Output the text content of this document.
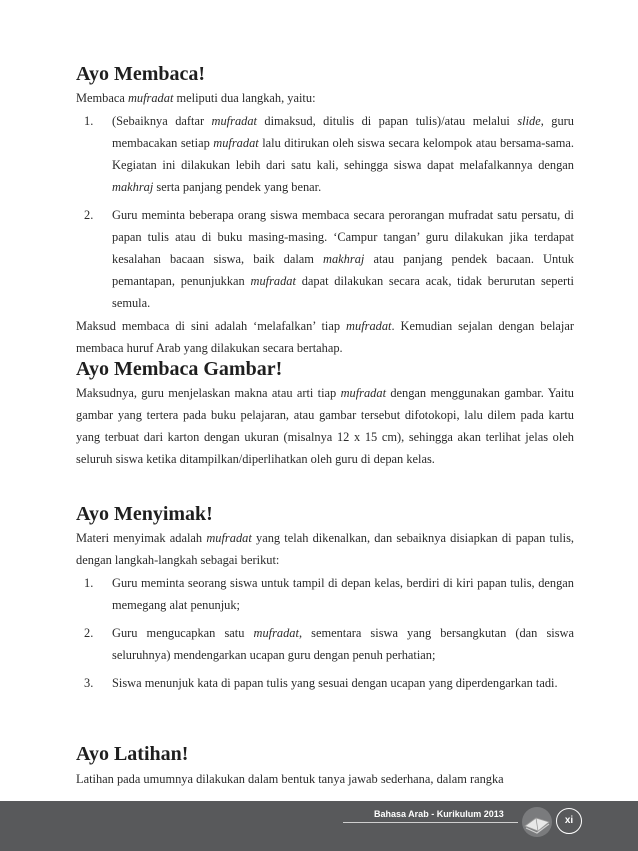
Ayo Membaca!

Membaca mufradat meliputi dua langkah, yaitu:

1. (Sebaiknya daftar mufradat dimaksud, ditulis di papan tulis)/atau melalui slide, guru membacakan setiap mufradat lalu ditirukan oleh siswa secara kelompok atau bersama-sama. Kegiatan ini dilakukan lebih dari satu kali, sehingga siswa dapat melafalkannya dengan makhraj serta panjang pendek yang benar.
2. Guru meminta beberapa orang siswa membaca secara perorangan mufradat satu persatu, di papan tulis atau di buku masing-masing. ‘Campur tangan’ guru dilakukan jika terdapat kesalahan bacaan siswa, baik dalam makhraj atau panjang pendek bacaan. Untuk pemantapan, penunjukkan mufradat dapat dilakukan secara acak, tidak berurutan seperti semula.

Maksud membaca di sini adalah ‘melafalkan’ tiap mufradat. Kemudian sejalan dengan belajar membaca huruf Arab yang dilakukan secara bertahap.

Ayo Membaca Gambar!

Maksudnya, guru menjelaskan makna atau arti tiap mufradat dengan menggunakan gambar. Yaitu gambar yang tertera pada buku pelajaran, atau gambar tersebut difotokopi, lalu dilem pada kartu yang terbuat dari karton dengan ukuran (misalnya 12 x 15 cm), sehingga akan terlihat jelas oleh seluruh siswa ketika ditampilkan/diperlihatkan oleh guru di depan kelas.

Ayo Menyimak!

Materi menyimak adalah mufradat yang telah dikenalkan, dan sebaiknya disiapkan di papan tulis, dengan langkah-langkah sebagai berikut:

1. Guru meminta seorang siswa untuk tampil di depan kelas, berdiri di kiri papan tulis, dengan memegang alat penunjuk;
2. Guru mengucapkan satu mufradat, sementara siswa yang bersangkutan (dan siswa seluruhnya) mendengarkan ucapan guru dengan penuh perhatian;
3. Siswa menunjuk kata di papan tulis yang sesuai dengan ucapan yang diperdengarkan tadi.
Ayo Latihan!

Latihan pada umumnya dilakukan dalam bentuk tanya jawab sederhana, dalam rangka

Bahasa Arab - Kurikulum 2013
xi
